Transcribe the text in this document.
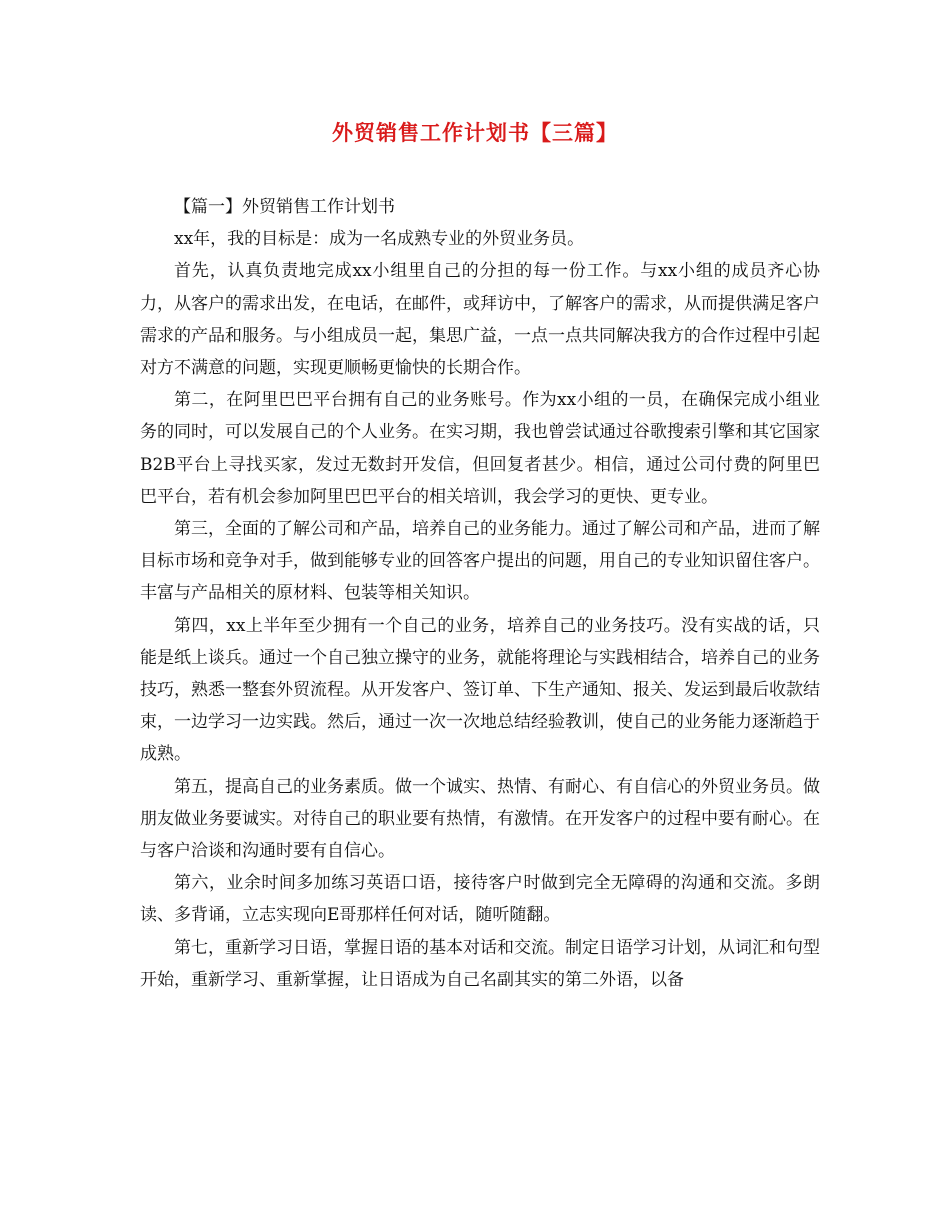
外贸销售工作计划书【三篇】

【篇一】外贸销售工作计划书

xx年，我的目标是：成为一名成熟专业的外贸业务员。

首先，认真负责地完成xx小组里自己的分担的每一份工作。与xx小组的成员齐心协力，从客户的需求出发，在电话，在邮件，或拜访中，了解客户的需求，从而提供满足客户需求的产品和服务。与小组成员一起，集思广益，一点一点共同解决我方的合作过程中引起对方不满意的问题，实现更顺畅更愉快的长期合作。

第二，在阿里巴巴平台拥有自己的业务账号。作为xx小组的一员，在确保完成小组业务的同时，可以发展自己的个人业务。在实习期，我也曾尝试通过谷歌搜索引擎和其它国家B2B平台上寻找买家，发过无数封开发信，但回复者甚少。相信，通过公司付费的阿里巴巴平台，若有机会参加阿里巴巴平台的相关培训，我会学习的更快、更专业。

第三，全面的了解公司和产品，培养自己的业务能力。通过了解公司和产品，进而了解目标市场和竞争对手，做到能够专业的回答客户提出的问题，用自己的专业知识留住客户。丰富与产品相关的原材料、包装等相关知识。

第四，xx上半年至少拥有一个自己的业务，培养自己的业务技巧。没有实战的话，只能是纸上谈兵。通过一个自己独立操守的业务，就能将理论与实践相结合，培养自己的业务技巧，熟悉一整套外贸流程。从开发客户、签订单、下生产通知、报关、发运到最后收款结束，一边学习一边实践。然后，通过一次一次地总结经验教训，使自己的业务能力逐渐趋于成熟。

第五，提高自己的业务素质。做一个诚实、热情、有耐心、有自信心的外贸业务员。做朋友做业务要诚实。对待自己的职业要有热情，有激情。在开发客户的过程中要有耐心。在与客户洽谈和沟通时要有自信心。

第六，业余时间多加练习英语口语，接待客户时做到完全无障碍的沟通和交流。多朗读、多背诵，立志实现向E哥那样任何对话，随听随翻。

第七，重新学习日语，掌握日语的基本对话和交流。制定日语学习计划，从词汇和句型开始，重新学习、重新掌握，让日语成为自己名副其实的第二外语，以备
